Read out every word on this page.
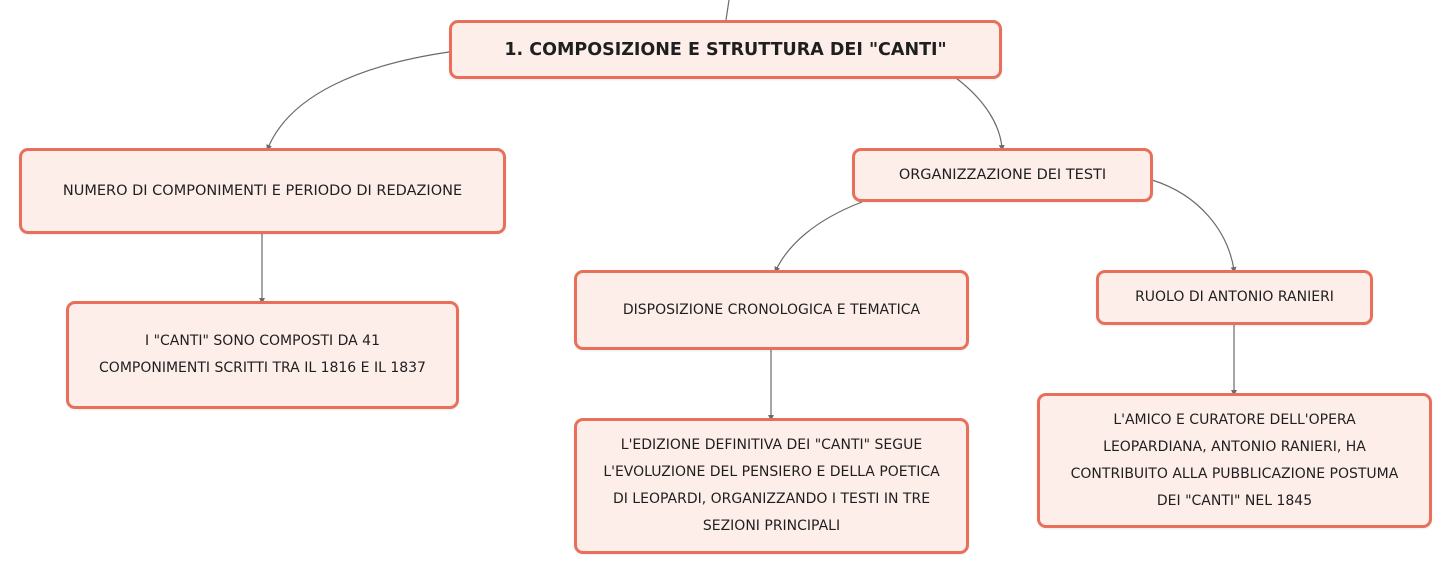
1. COMPOSIZIONE E STRUTTURA DEI "CANTI"
NUMERO DI COMPONIMENTI E PERIODO DI REDAZIONE
I "CANTI" SONO COMPOSTI DA 41 COMPONIMENTI SCRITTI TRA IL 1816 E IL 1837
ORGANIZZAZIONE DEI TESTI
DISPOSIZIONE CRONOLOGICA E TEMATICA
RUOLO DI ANTONIO RANIERI
L'EDIZIONE DEFINITIVA DEI "CANTI" SEGUE L'EVOLUZIONE DEL PENSIERO E DELLA POETICA DI LEOPARDI, ORGANIZZANDO I TESTI IN TRE SEZIONI PRINCIPALI
L'AMICO E CURATORE DELL'OPERA LEOPARDIANA, ANTONIO RANIERI, HA CONTRIBUITO ALLA PUBBLICAZIONE POSTUMA DEI "CANTI" NEL 1845
